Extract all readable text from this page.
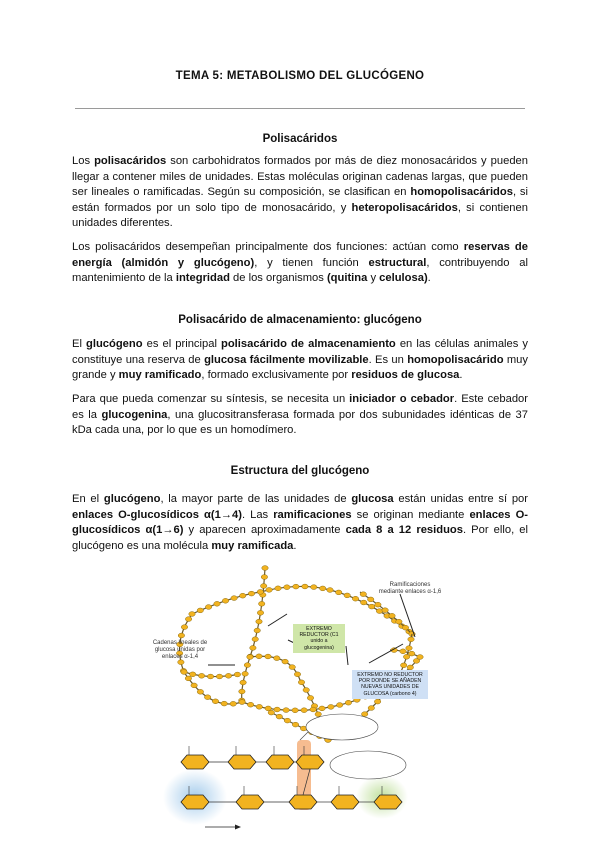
TEMA 5: METABOLISMO DEL GLUCÓGENO
Polisacáridos
Los polisacáridos son carbohidratos formados por más de diez monosacáridos y pueden llegar a contener miles de unidades. Estas moléculas originan cadenas largas, que pueden ser lineales o ramificadas. Según su composición, se clasifican en homopolisacáridos, si están formados por un solo tipo de monosacárido, y heteropolisacáridos, si contienen unidades diferentes.
Los polisacáridos desempeñan principalmente dos funciones: actúan como reservas de energía (almidón y glucógeno), y tienen función estructural, contribuyendo al mantenimiento de la integridad de los organismos (quitina y celulosa).
Polisacárido de almacenamiento: glucógeno
El glucógeno es el principal polisacárido de almacenamiento en las células animales y constituye una reserva de glucosa fácilmente movilizable. Es un homopolisacárido muy grande y muy ramificado, formado exclusivamente por residuos de glucosa.
Para que pueda comenzar su síntesis, se necesita un iniciador o cebador. Este cebador es la glucogenina, una glucositransferasa formada por dos subunidades idénticas de 37 kDa cada una, por lo que es un homodímero.
Estructura del glucógeno
En el glucógeno, la mayor parte de las unidades de glucosa están unidas entre sí por enlaces O-glucosídicos α(1→4). Las ramificaciones se originan mediante enlaces O-glucosídicos α(1→6) y aparecen aproximadamente cada 8 a 12 residuos. Por ello, el glucógeno es una molécula muy ramificada.
Ramificaciones mediante enlaces α-1,6
Cadenas lineales de glucosa unidas por enlaces α-1,4
EXTREMO REDUCTOR (C1 unido a glucogenina)
EXTREMO NO REDUCTOR POR DONDE SE AÑADEN NUEVAS UNIDADES DE GLUCOSA (carbono 4)
